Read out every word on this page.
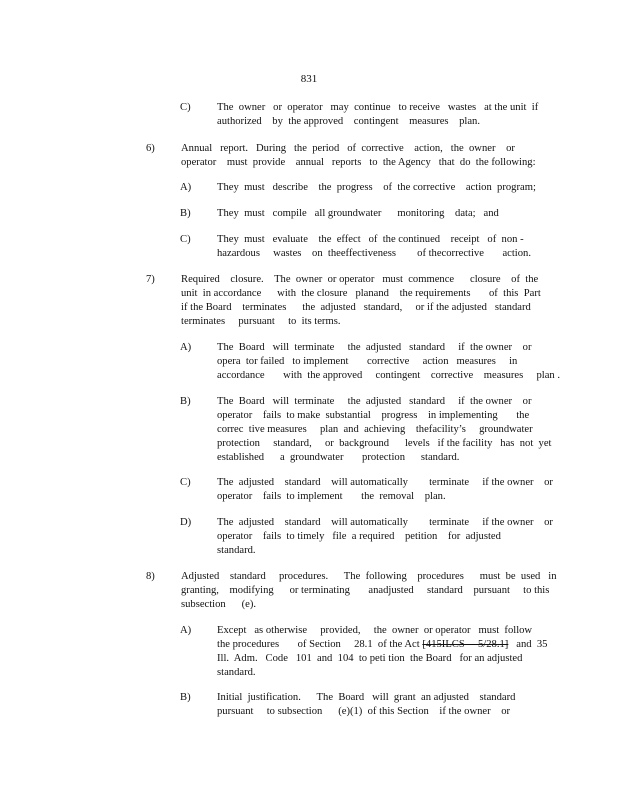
831
C) The  owner   or  operator   may  continue   to receive   wastes   at the unit  if
authorized    by  the approved    contingent    measures    plan.
6) Annual   report.   During   the  period   of  corrective    action,   the  owner    or
operator    must  provide    annual   reports   to  the Agency   that  do  the following:
A) They  must   describe    the  progress    of  the corrective    action  program;
B) They  must   compile   all groundwater      monitoring    data;   and
C) They  must   evaluate    the  effect   of  the continued    receipt   of  non -
hazardous     wastes    on  theeffectiveness        of thecorrective       action.
7) Required    closure.    The  owner  or operator   must  commence      closure    of  the
unit  in accordance      with  the closure   planand    the requirements       of  this  Part
if the Board    terminates      the  adjusted   standard,     or if the adjusted   standard
terminates     pursuant     to  its terms.
A) The  Board   will  terminate     the  adjusted   standard     if  the owner    or
opera  tor failed   to implement       corrective     action   measures     in
accordance       with  the approved     contingent    corrective    measures     plan .
B) The  Board   will  terminate     the  adjusted   standard     if  the owner    or
operator    fails  to make  substantial    progress    in implementing       the
correc  tive measures     plan  and  achieving    thefacility’s     groundwater
protection     standard,     or  background      levels   if the facility   has  not  yet
established      a  groundwater       protection      standard.
C) The  adjusted    standard    will automatically        terminate     if the owner    or
operator    fails  to implement       the  removal    plan.
D) The  adjusted    standard    will automatically        terminate     if the owner    or
operator    fails  to timely   file  a required    petition    for  adjusted
standard.
8) Adjusted    standard     procedures.      The  following    procedures      must  be  used   in
granting,    modifying      or terminating       anadjusted     standard    pursuant     to this
subsection      (e).
A) Except   as otherwise     provided,     the  owner  or operator   must  follow
the procedures       of Section     28.1  of the Act [415ILCS     5/28.1]   and  35
Ill.  Adm.   Code   101  and  104  to peti tion  the Board   for an adjusted
standard.
B) Initial  justification.      The  Board   will  grant  an adjusted    standard
pursuant     to subsection      (e)(1)  of this Section    if the owner    or
